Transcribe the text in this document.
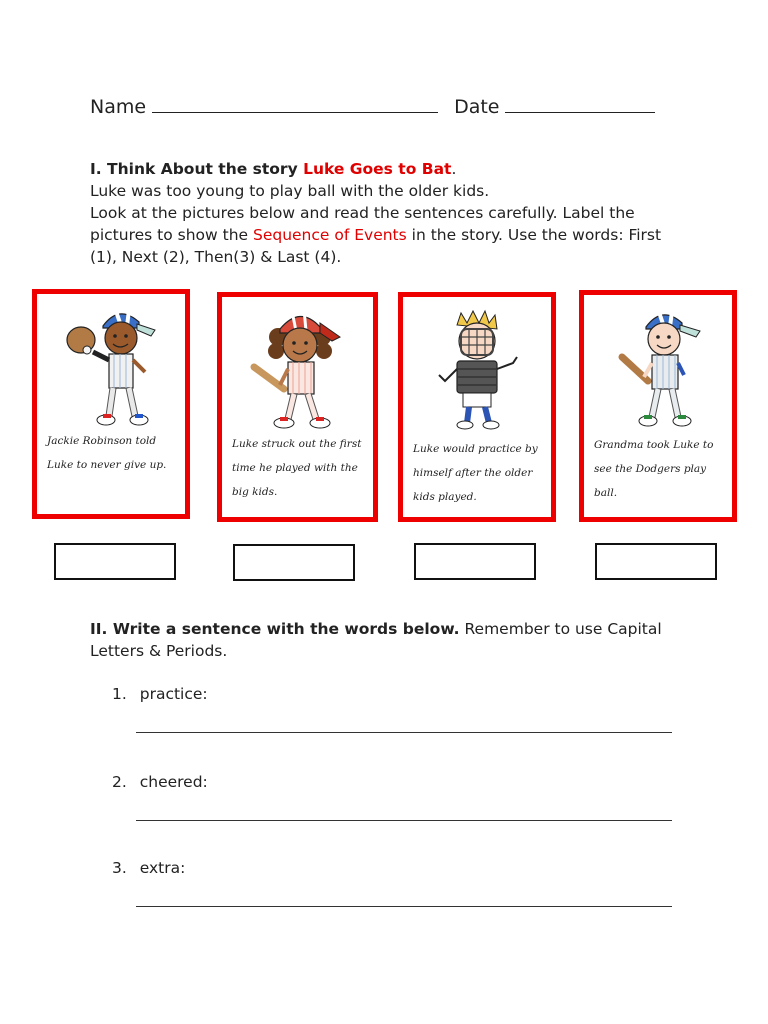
Name	Date
I. Think About the story Luke Goes to Bat.
Luke was too young to play ball with the older kids.
Look at the pictures below and read the sentences carefully. Label the pictures to show the Sequence of Events in the story. Use the words: First (1), Next (2), Then(3) & Last (4).
Jackie Robinson told Luke to never give up.
Luke struck out the first time he played with the big kids.
Luke would practice by himself after the older kids played.
Grandma took Luke to see the Dodgers play ball.
II. Write a sentence with the words below. Remember to use Capital Letters & Periods.
1. practice:
2. cheered:
3. extra:
